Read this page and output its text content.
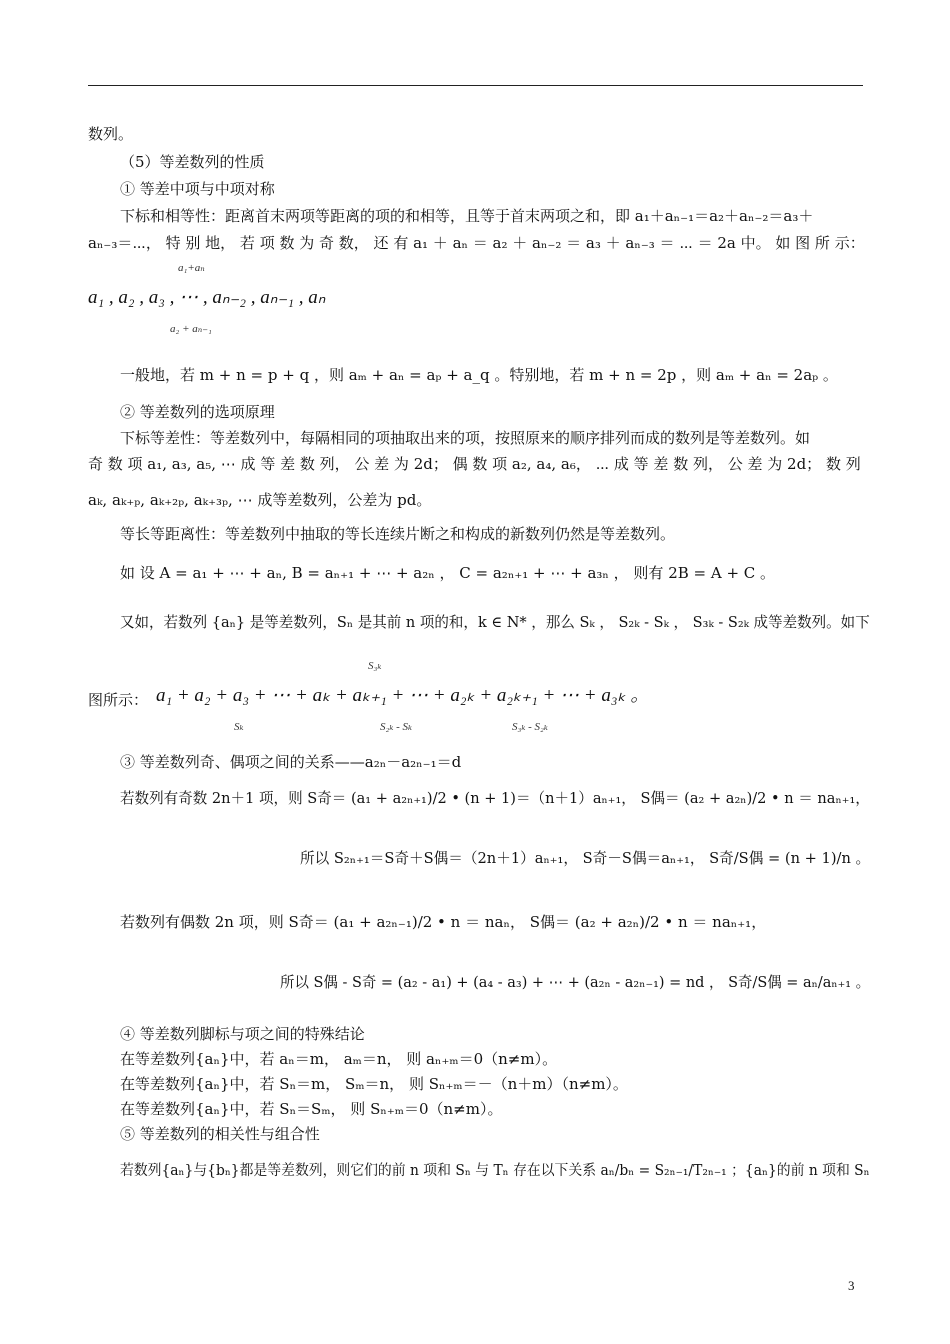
数列。
（5）等差数列的性质
① 等差中项与中项对称
下标和相等性：距离首末两项等距离的项的和相等，且等于首末两项之和，即 a₁＋aₙ₋₁＝a₂＋aₙ₋₂＝a₃＋
aₙ₋₃＝⋯， 特 别 地， 若 项 数 为 奇 数， 还 有 a₁ ＋ aₙ ＝ a₂ ＋ aₙ₋₂ ＝ a₃ ＋ aₙ₋₃ ＝ ⋯ ＝ 2a 中。 如 图 所 示：
a₁+aₙ
a₁ , a₂ , a₃ , ⋯ , aₙ₋₂ , aₙ₋₁ , aₙ
a₂ + aₙ₋₁
一般地，若 m + n = p + q ，则 aₘ + aₙ = aₚ + a_q 。特别地，若 m + n = 2p ，则 aₘ + aₙ = 2aₚ 。
② 等差数列的选项原理
下标等差性：等差数列中，每隔相同的项抽取出来的项，按照原来的顺序排列而成的数列是等差数列。如
奇 数 项 a₁, a₃, a₅, ⋯ 成 等 差 数 列， 公 差 为 2d； 偶 数 项 a₂, a₄, a₆， ⋯ 成 等 差 数 列， 公 差 为 2d； 数 列
aₖ, aₖ₊ₚ, aₖ₊₂ₚ, aₖ₊₃ₚ, ⋯ 成等差数列，公差为 pd。
等长等距离性：等差数列中抽取的等长连续片断之和构成的新数列仍然是等差数列。
如 设 A = a₁ + ⋯ + aₙ, B = aₙ₊₁ + ⋯ + a₂ₙ ， C = a₂ₙ₊₁ + ⋯ + a₃ₙ ， 则有 2B = A + C 。
又如，若数列 {aₙ} 是等差数列，Sₙ 是其前 n 项的和，k ∈ N* ，那么 Sₖ ， S₂ₖ - Sₖ ， S₃ₖ - S₂ₖ 成等差数列。如下
S₃ₖ
图所示： a₁ + a₂ + a₃ + ⋯ + aₖ + aₖ₊₁ + ⋯ + a₂ₖ + a₂ₖ₊₁ + ⋯ + a₃ₖ 。
Sₖ	S₂ₖ - Sₖ	S₃ₖ - S₂ₖ
③ 等差数列奇、偶项之间的关系——a₂ₙ－a₂ₙ₋₁＝d
若数列有奇数 2n＋1 项，则 S奇＝ (a₁ + a₂ₙ₊₁)/2 • (n + 1)＝（n＋1）aₙ₊₁， S偶＝ (a₂ + a₂ₙ)/2 • n ＝ naₙ₊₁，
所以 S₂ₙ₊₁＝S奇＋S偶＝（2n＋1）aₙ₊₁， S奇－S偶＝aₙ₊₁， S奇/S偶 = (n + 1)/n 。
若数列有偶数 2n 项，则 S奇＝ (a₁ + a₂ₙ₋₁)/2 • n ＝ naₙ， S偶＝ (a₂ + a₂ₙ)/2 • n ＝ naₙ₊₁，
所以 S偶 - S奇 = (a₂ - a₁) + (a₄ - a₃) + ⋯ + (a₂ₙ - a₂ₙ₋₁) = nd ， S奇/S偶 = aₙ/aₙ₊₁ 。
④ 等差数列脚标与项之间的特殊结论
在等差数列{aₙ}中，若 aₙ＝m， aₘ＝n， 则 aₙ₊ₘ＝0（n≠m）。
在等差数列{aₙ}中，若 Sₙ＝m， Sₘ＝n， 则 Sₙ₊ₘ＝－（n＋m）（n≠m）。
在等差数列{aₙ}中，若 Sₙ＝Sₘ， 则 Sₙ₊ₘ＝0（n≠m）。
⑤ 等差数列的相关性与组合性
若数列{aₙ}与{bₙ}都是等差数列，则它们的前 n 项和 Sₙ 与 Tₙ 存在以下关系 aₙ/bₙ = S₂ₙ₋₁/T₂ₙ₋₁ ；{aₙ}的前 n 项和 Sₙ
3
